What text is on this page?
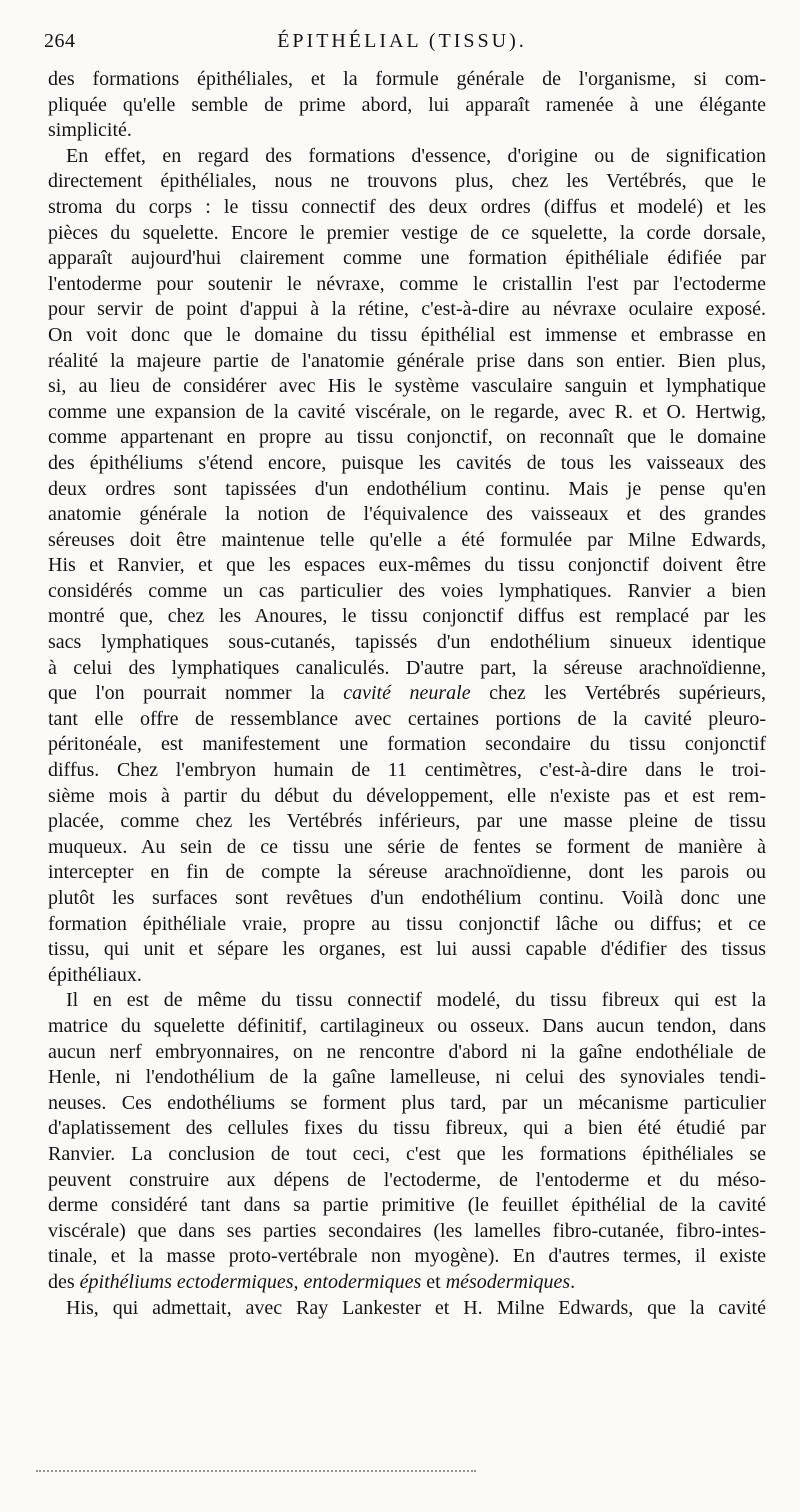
264	ÉPITHÉLIAL (TISSU).
des formations épithéliales, et la formule générale de l'organisme, si com-
pliquée qu'elle semble de prime abord, lui apparaît ramenée à une élégante
simplicité.
En effet, en regard des formations d'essence, d'origine ou de signification
directement épithéliales, nous ne trouvons plus, chez les Vertébrés, que le
stroma du corps : le tissu connectif des deux ordres (diffus et modelé) et les
pièces du squelette. Encore le premier vestige de ce squelette, la corde dorsale,
apparaît aujourd'hui clairement comme une formation épithéliale édifiée par
l'entoderme pour soutenir le névraxe, comme le cristallin l'est par l'ectoderme
pour servir de point d'appui à la rétine, c'est-à-dire au névraxe oculaire exposé.
On voit donc que le domaine du tissu épithélial est immense et embrasse en
réalité la majeure partie de l'anatomie générale prise dans son entier. Bien plus,
si, au lieu de considérer avec His le système vasculaire sanguin et lymphatique
comme une expansion de la cavité viscérale, on le regarde, avec R. et O. Hertwig,
comme appartenant en propre au tissu conjonctif, on reconnaît que le domaine
des épithéliums s'étend encore, puisque les cavités de tous les vaisseaux des
deux ordres sont tapissées d'un endothélium continu. Mais je pense qu'en
anatomie générale la notion de l'équivalence des vaisseaux et des grandes
séreuses doit être maintenue telle qu'elle a été formulée par Milne Edwards,
His et Ranvier, et que les espaces eux-mêmes du tissu conjonctif doivent être
considérés comme un cas particulier des voies lymphatiques. Ranvier a bien
montré que, chez les Anoures, le tissu conjonctif diffus est remplacé par les
sacs lymphatiques sous-cutanés, tapissés d'un endothélium sinueux identique
à celui des lymphatiques canaliculés. D'autre part, la séreuse arachnoïdienne,
que l'on pourrait nommer la cavité neurale chez les Vertébrés supérieurs,
tant elle offre de ressemblance avec certaines portions de la cavité pleuro-
péritonéale, est manifestement une formation secondaire du tissu conjonctif
diffus. Chez l'embryon humain de 11 centimètres, c'est-à-dire dans le troi-
sième mois à partir du début du développement, elle n'existe pas et est rem-
placée, comme chez les Vertébrés inférieurs, par une masse pleine de tissu
muqueux. Au sein de ce tissu une série de fentes se forment de manière à
intercepter en fin de compte la séreuse arachnoïdienne, dont les parois ou
plutôt les surfaces sont revêtues d'un endothélium continu. Voilà donc une
formation épithéliale vraie, propre au tissu conjonctif lâche ou diffus; et ce
tissu, qui unit et sépare les organes, est lui aussi capable d'édifier des tissus
épithéliaux.
Il en est de même du tissu connectif modelé, du tissu fibreux qui est la
matrice du squelette définitif, cartilagineux ou osseux. Dans aucun tendon, dans
aucun nerf embryonnaires, on ne rencontre d'abord ni la gaîne endothéliale de
Henle, ni l'endothélium de la gaîne lamelleuse, ni celui des synoviales tendi-
neuses. Ces endothéliums se forment plus tard, par un mécanisme particulier
d'aplatissement des cellules fixes du tissu fibreux, qui a bien été étudié par
Ranvier. La conclusion de tout ceci, c'est que les formations épithéliales se
peuvent construire aux dépens de l'ectoderme, de l'entoderme et du méso-
derme considéré tant dans sa partie primitive (le feuillet épithélial de la cavité
viscérale) que dans ses parties secondaires (les lamelles fibro-cutanée, fibro-intes-
tinale, et la masse proto-vertébrale non myogène). En d'autres termes, il existe
des épithéliums ectodermiques, entodermiques et mésodermiques.
His, qui admettait, avec Ray Lankester et H. Milne Edwards, que la cavité
